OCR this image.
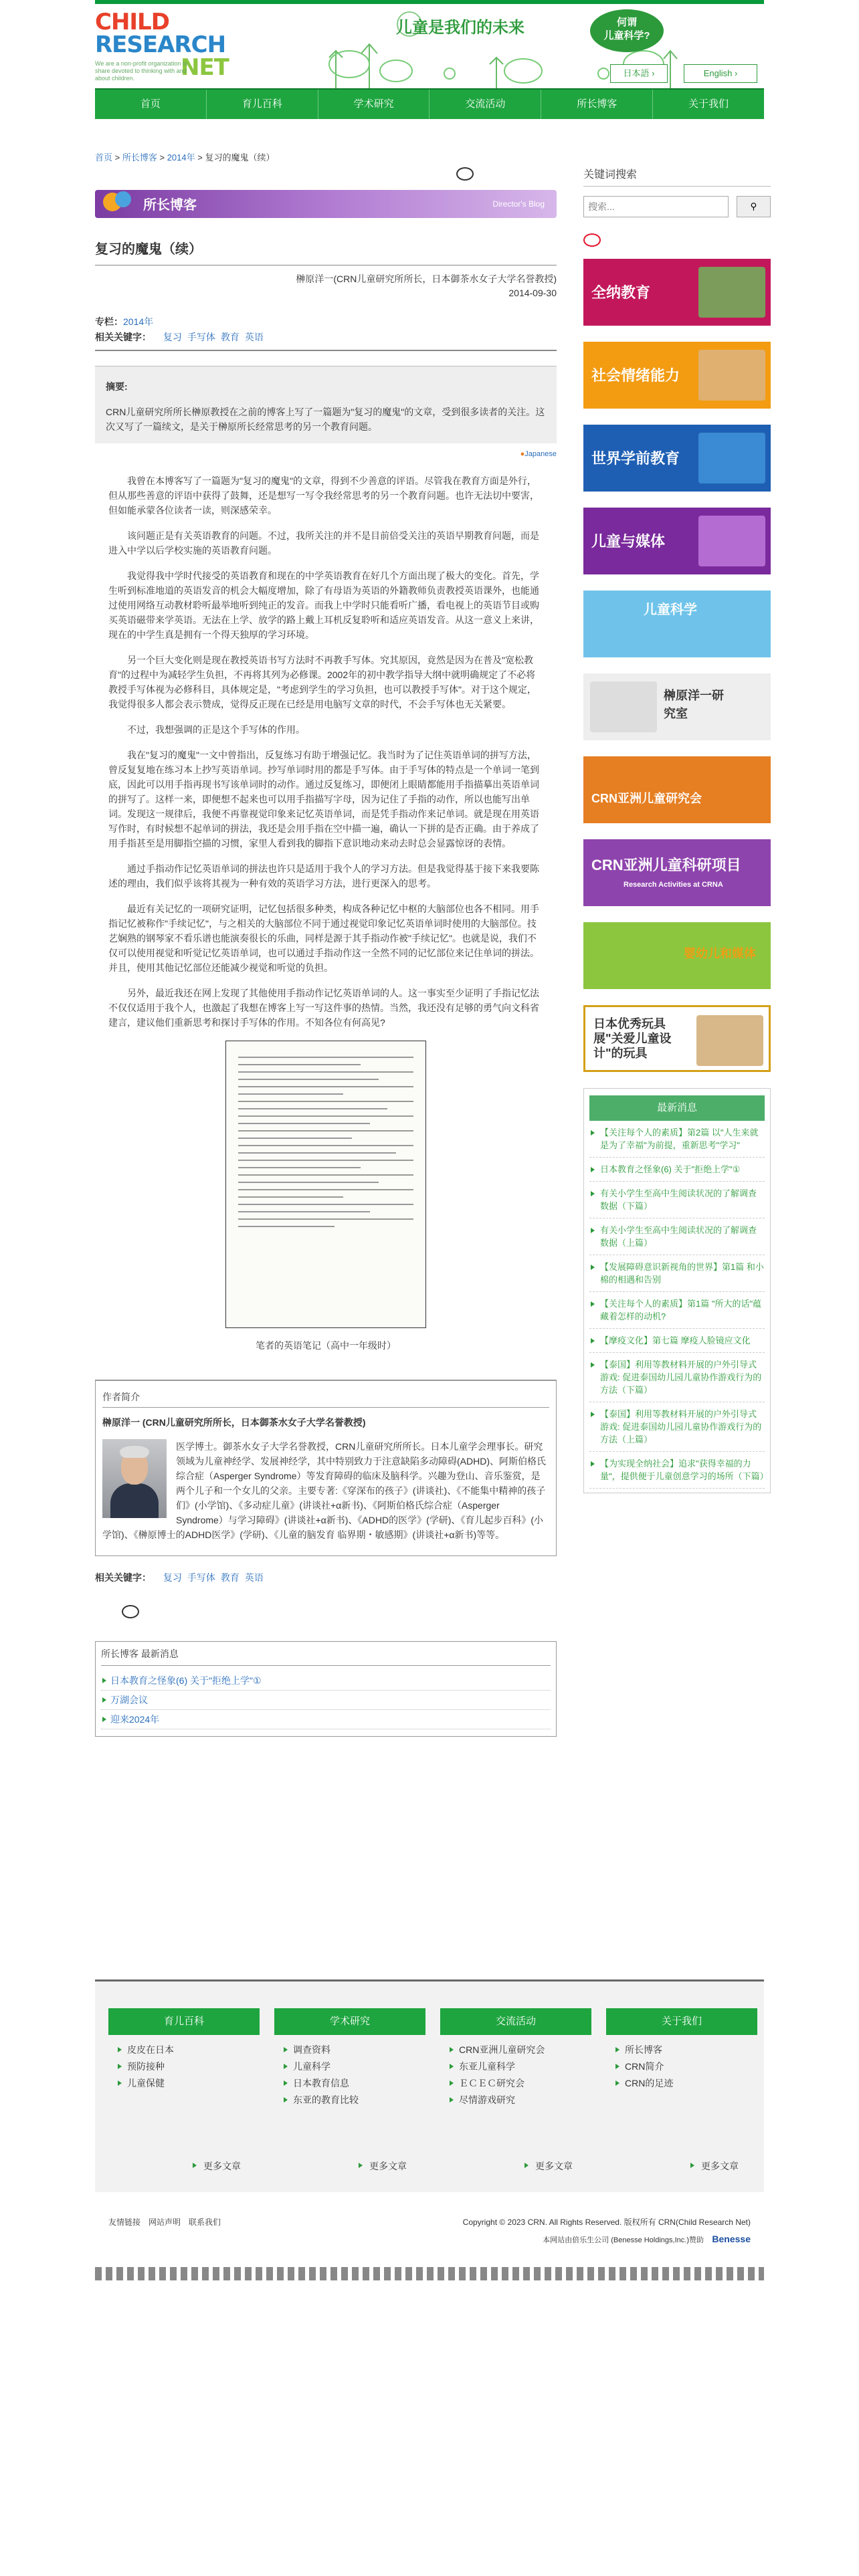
CHILD
RESEARCH
NET
We are a non-profit organization to share devoted to thinking with and about children.
儿童是我们的未来	何谓
儿童科学?
日本語 ›	English ›
首页	育儿百科	学术研究	交流活动	所长博客	关于我们
首页 > 所长博客 > 2014年 > 复习的魔鬼（续）
所长博客	Director's Blog
复习的魔鬼（续）
榊原洋一(CRN儿童研究所所长，日本御茶水女子大学名誉教授)
2014-09-30
专栏：2014年
相关关键字： 复习 手写体 教育 英语
摘要:

CRN儿童研究所所长榊原教授在之前的博客上写了一篇题为"复习的魔鬼"的文章，受到很多读者的关注。这次又写了一篇续文，是关于榊原所长经常思考的另一个教育问题。

●Japanese

我曾在本博客写了一篇题为"复习的魔鬼"的文章，得到不少善意的评语。尽管我在教育方面是外行，但从那些善意的评语中获得了鼓舞，还是想写一写令我经常思考的另一个教育问题。也许无法切中要害，但如能承蒙各位读者一读，则深感荣幸。

该问题正是有关英语教育的问题。不过，我所关注的并不是目前倍受关注的英语早期教育问题，而是进入中学以后学校实施的英语教育问题。

我觉得我中学时代接受的英语教育和现在的中学英语教育在好几个方面出现了极大的变化。首先，学生听到标准地道的英语发音的机会大幅度增加，除了有母语为英语的外籍教师负责教授英语课外，也能通过使用网络互动教材聆听最举地听到纯正的发音。而我上中学时只能看听广播，看电视上的英语节目或购买英语磁带来学英语。无法在上学、放学的路上戴上耳机反复聆听和适应英语发音。从这一意义上来讲，现在的中学生真是拥有一个得天独厚的学习环境。

另一个巨大变化则是现在教授英语书写方法时不再教手写体。究其原因，竟然是因为在普及"宽松教育"的过程中为减轻学生负担，不再将其列为必修课。2002年的初中教学指导大纲中就明确规定了不必将教授手写体视为必修科目，具体规定是，"考虑到学生的学习负担，也可以教授手写体"。对于这个规定，我觉得很多人都会表示赞成，觉得反正现在已经是用电脑写文章的时代，不会手写体也无关紧要。

不过，我想强调的正是这个手写体的作用。

我在"复习的魔鬼"一文中曾指出，反复练习有助于增强记忆。我当时为了记住英语单词的拼写方法，曾反复复地在练习本上抄写英语单词。抄写单词时用的都是手写体。由于手写体的特点是一个单词一笔到底，因此可以用手指再现书写该单词时的动作。通过反复练习，即便闭上眼睛都能用手指描摹出英语单词的拼写了。这样一来，即便想不起来也可以用手指描写字母，因为记住了手指的动作，所以也能写出单词。发现这一规律后，我便不再靠视觉印象来记忆英语单词，而是凭手指动作来记单词。就是现在用英语写作时，有时候想不起单词的拼法，我还是会用手指在空中描一遍，确认一下拼的是否正确。由于养成了用手指甚至是用脚指空描的习惯，家里人看到我的脚指下意识地动来动去时总会显露惊讶的表情。

通过手指动作记忆英语单词的拼法也许只是适用于我个人的学习方法。但是我觉得基于接下来我要陈述的理由，我们似乎该将其视为一种有效的英语学习方法，进行更深入的思考。

最近有关记忆的一项研究证明，记忆包括很多种类，构成各种记忆中枢的大脑部位也各不相同。用手指记忆被称作"手续记忆"，与之相关的大脑部位不同于通过视觉印象记忆英语单词时使用的大脑部位。技艺娴熟的钢琴家不看乐谱也能演奏很长的乐曲，同样是源于其手指动作被"手续记忆"。也就是说，我们不仅可以使用视觉和听觉记忆英语单词，也可以通过手指动作这一全然不同的记忆部位来记住单词的拼法。并且，使用其他记忆部位还能减少视觉和听觉的负担。

另外，最近我还在网上发现了其他使用手指动作记忆英语单词的人。这一事实至少证明了手指记忆法不仅仅适用于我个人，也激起了我想在博客上写一写这件事的热情。当然，我还没有足够的勇气向文科省建言，建议他们重新思考和探讨手写体的作用。不知各位有何高见?

笔者的英语笔记（高中一年级时）
作者简介
榊原洋一 (CRN儿童研究所所长，日本御茶水女子大学名誉教授)

医学博士。御茶水女子大学名誉教授，CRN儿童研究所所长。日本儿童学会理事长。研究领域为儿童神经学、发展神经学，其中特别致力于注意缺陷多动障碍(ADHD)、阿斯伯格氏综合症（Asperger Syndrome）等发育障碍的临床及脑科学。兴趣为登山、音乐鉴赏，是两个儿子和一个女儿的父亲。主要专著:《穿深布的孩子》(讲谈社)、《不能集中精神的孩子们》(小学馆)、《多动症儿童》(讲谈社+α新书)、《阿斯伯格氏综合症（Asperger Syndrome）与学习障碍》(讲谈社+α新书)、《ADHD的医学》(学研)、《育儿起步百科》(小学馆)、《榊原博士的ADHD医学》(学研)、《儿童的脑发育 临界期・敏感期》(讲谈社+α新书)等等。

相关关键字： 复习 手写体 教育 英语
所长博客 最新消息
日本教育之怪象(6) 关于"拒绝上学"①
万湖会议
迎来2024年
关键词搜索
搜索...
⚲
全纳教育
社会情绪能力
世界学前教育
儿童与媒体
儿童科学
榊原洋一研究室
CRN亚洲儿童研究会
CRN亚洲儿童科研项目
Research Activities at CRNA
婴幼儿和媒体
日本优秀玩具展"关爱儿童设计"的玩具
最新消息
【关注每个人的素质】第2篇 以"人生来就是为了幸福"为前提，重新思考"学习"
日本教育之怪象(6) 关于"拒绝上学"①
有关小学生至高中生阅读状况的了解调查数据（下篇）
有关小学生至高中生阅读状况的了解调查数据（上篇）
【发展障碍意识新视角的世界】第1篇 和小棉的相遇和告别
【关注每个人的素质】第1篇 "所大的话"蕴藏着怎样的动机?
【摩疫文化】第七篇 摩疫人脸镜应文化
【泰国】利用等教材料开展的户外引导式游戏: 促进泰国幼儿园儿童协作游戏行为的方法（下篇）
【泰国】利用等教材料开展的户外引导式游戏: 促进泰国幼儿园儿童协作游戏行为的方法（上篇）
【为实现全纳社会】追求"获得幸福的力量"，提供便于儿童创意学习的场所（下篇）
育儿百科
皮皮在日本
预防接种
儿童保健
学术研究
调查资料
儿童科学
日本教育信息
东亚的教育比较
交流活动
CRN亚洲儿童研究会
东亚儿童科学
ＥＣＥＣ研究会
尽情游戏研究
关于我们
所长博客
CRN简介
CRN的足迹
更多文章	更多文章	更多文章	更多文章
友情链接 网站声明 联系我们	Copyright © 2023 CRN. All Rights Reserved. 版权所有 CRN(Child Research Net)
本网站由倍乐生公司 (Benesse Holdings,Inc.)赞助 Benesse
